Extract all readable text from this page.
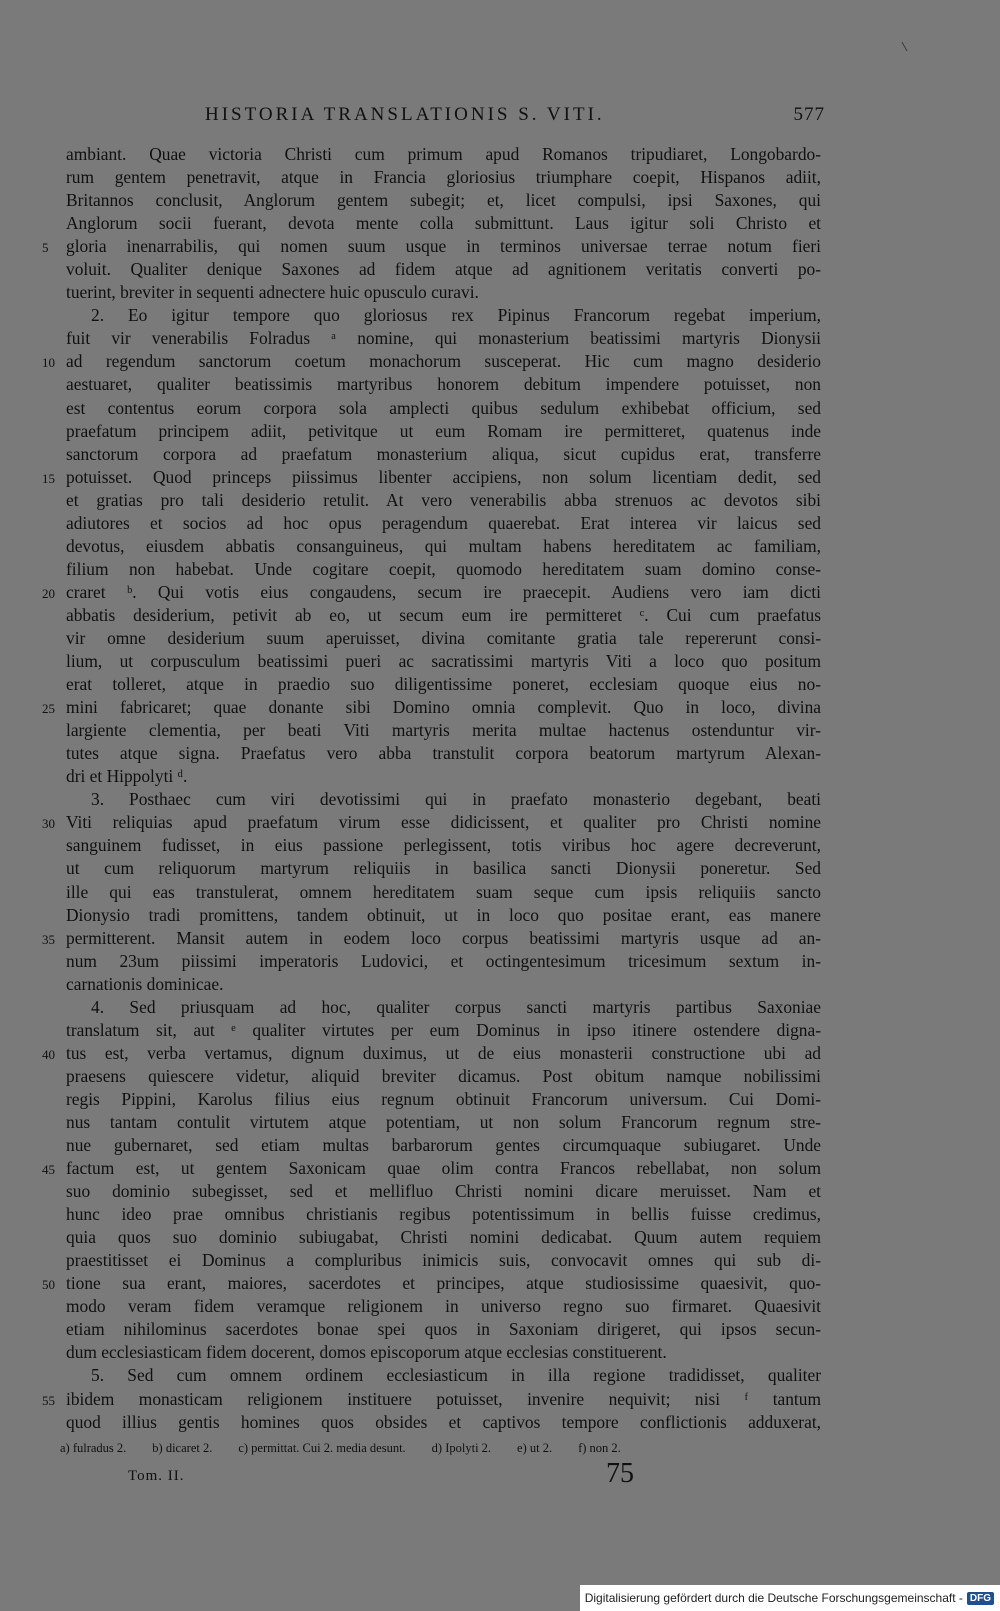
HISTORIA TRANSLATIONIS S. VITI.	577
ambiant. Quae victoria Christi cum primum apud Romanos tripudiaret, Longobardo-
rum gentem penetravit, atque in Francia gloriosius triumphare coepit, Hispanos adiit,
Britannos conclusit, Anglorum gentem subegit; et, licet compulsi, ipsi Saxones, qui
Anglorum socii fuerant, devota mente colla submittunt. Laus igitur soli Christo et
5	gloria inenarrabilis, qui nomen suum usque in terminos universae terrae notum fieri
voluit. Qualiter denique Saxones ad fidem atque ad agnitionem veritatis converti po-
tuerint, breviter in sequenti adnectere huic opusculo curavi.
2. Eo igitur tempore quo gloriosus rex Pipinus Francorum regebat imperium,
fuit vir venerabilis Folradus ᵃ nomine, qui monasterium beatissimi martyris Dionysii
10 ad regendum sanctorum coetum monachorum susceperat. Hic cum magno desiderio
aestuaret, qualiter beatissimis martyribus honorem debitum impendere potuisset, non
est contentus eorum corpora sola amplecti quibus sedulum exhibebat officium, sed
praefatum principem adiit, petivitque ut eum Romam ire permitteret, quatenus inde
sanctorum corpora ad praefatum monasterium aliqua, sicut cupidus erat, transferre
15 potuisset. Quod princeps piissimus libenter accipiens, non solum licentiam dedit, sed
et gratias pro tali desiderio retulit. At vero venerabilis abba strenuos ac devotos sibi
adiutores et socios ad hoc opus peragendum quaerebat. Erat interea vir laicus sed
devotus, eiusdem abbatis consanguineus, qui multam habens hereditatem ac familiam,
filium non habebat. Unde cogitare coepit, quomodo hereditatem suam domino conse-
20 craret ᵇ. Qui votis eius congaudens, secum ire praecepit. Audiens vero iam dicti
abbatis desiderium, petivit ab eo, ut secum eum ire permitteret ᶜ. Cui cum praefatus
vir omne desiderium suum aperuisset, divina comitante gratia tale repererunt consi-
lium, ut corpusculum beatissimi pueri ac sacratissimi martyris Viti a loco quo positum
erat tolleret, atque in praedio suo diligentissime poneret, ecclesiam quoque eius no-
25 mini fabricaret; quae donante sibi Domino omnia complevit. Quo in loco, divina
largiente clementia, per beati Viti martyris merita multae hactenus ostenduntur vir-
tutes atque signa. Praefatus vero abba transtulit corpora beatorum martyrum Alexan-
dri et Hippolyti ᵈ.
3. Posthaec cum viri devotissimi qui in praefato monasterio degebant, beati
30 Viti reliquias apud praefatum virum esse didicissent, et qualiter pro Christi nomine
sanguinem fudisset, in eius passione perlegissent, totis viribus hoc agere decreverunt,
ut cum reliquorum martyrum reliquiis in basilica sancti Dionysii poneretur. Sed
ille qui eas transtulerat, omnem hereditatem suam seque cum ipsis reliquiis sancto
Dionysio tradi promittens, tandem obtinuit, ut in loco quo positae erant, eas manere
35 permitterent. Mansit autem in eodem loco corpus beatissimi martyris usque ad an-
num 23um piissimi imperatoris Ludovici, et octingentesimum tricesimum sextum in-
carnationis dominicae.
4. Sed priusquam ad hoc, qualiter corpus sancti martyris partibus Saxoniae
translatum sit, aut ᵉ qualiter virtutes per eum Dominus in ipso itinere ostendere digna-
40 tus est, verba vertamus, dignum duximus, ut de eius monasterii constructione ubi ad
praesens quiescere videtur, aliquid breviter dicamus. Post obitum namque nobilissimi
regis Pippini, Karolus filius eius regnum obtinuit Francorum universum. Cui Domi-
nus tantam contulit virtutem atque potentiam, ut non solum Francorum regnum stre-
nue gubernaret, sed etiam multas barbarorum gentes circumquaque subiugaret. Unde
45 factum est, ut gentem Saxonicam quae olim contra Francos rebellabat, non solum
suo dominio subegisset, sed et mellifluo Christi nomini dicare meruisset. Nam et
hunc ideo prae omnibus christianis regibus potentissimum in bellis fuisse credimus,
quia quos suo dominio subiugabat, Christi nomini dedicabat. Quum autem requiem
praestitisset ei Dominus a compluribus inimicis suis, convocavit omnes qui sub di-
50 tione sua erant, maiores, sacerdotes et principes, atque studiosissime quaesivit, quo-
modo veram fidem veramque religionem in universo regno suo firmaret. Quaesivit
etiam nihilominus sacerdotes bonae spei quos in Saxoniam dirigeret, qui ipsos secun-
dum ecclesiasticam fidem docerent, domos episcoporum atque ecclesias constituerent.
5. Sed cum omnem ordinem ecclesiasticum in illa regione tradidisset, qualiter
55 ibidem monasticam religionem instituere potuisset, invenire nequivit; nisi ᶠ tantum
quod illius gentis homines quos obsides et captivos tempore conflictionis adduxerat,
a) fulradus 2. b) dicaret 2. c) permittat. Cui 2. media desunt. d) Ipolyti 2. e) ut 2. f) non 2.
Tom. II.	75
Digitalisierung gefördert durch die Deutsche Forschungsgemeinschaft - DFG
